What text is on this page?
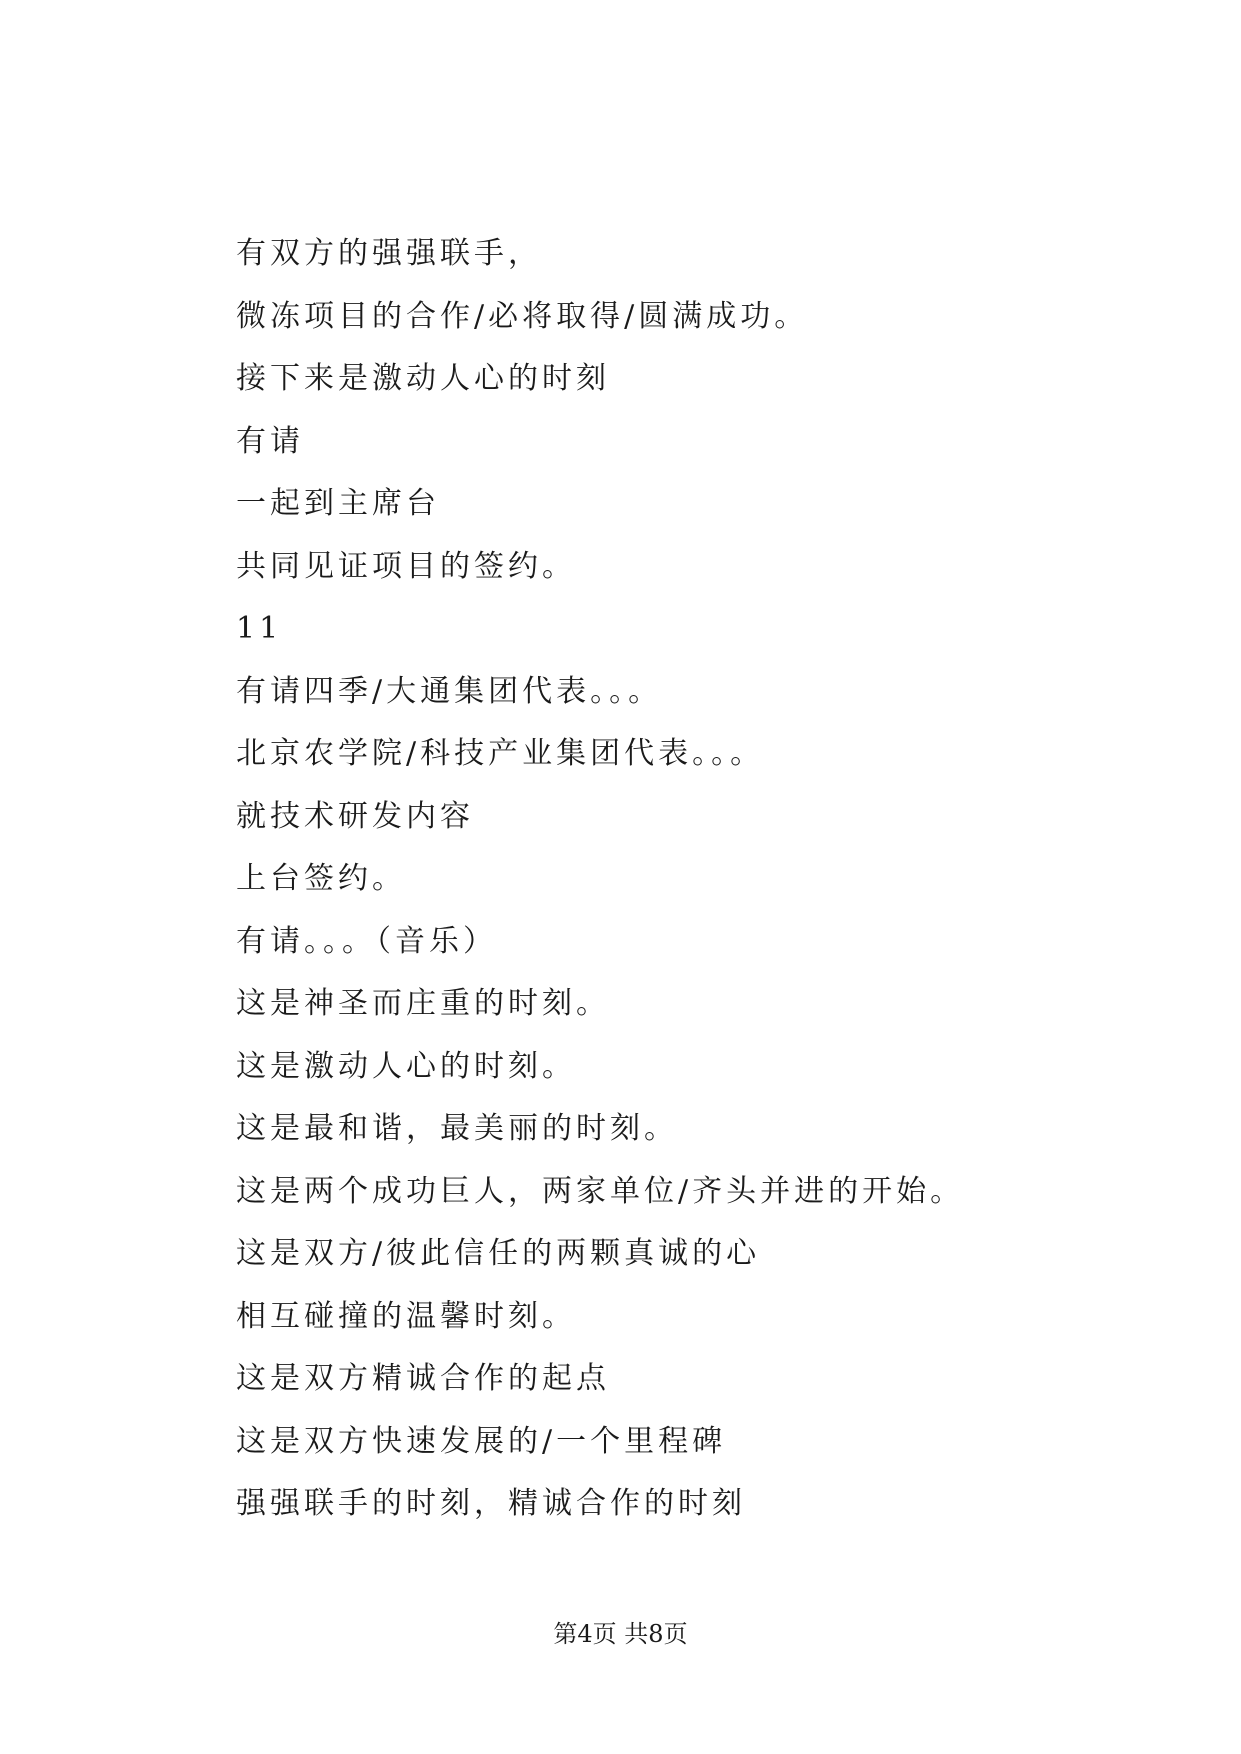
有双方的强强联手，
微冻项目的合作/必将取得/圆满成功。
接下来是激动人心的时刻
有请
一起到主席台
共同见证项目的签约。
11
有请四季/大通集团代表。。。
北京农学院/科技产业集团代表。。。
就技术研发内容
上台签约。
有请。。。（音乐）
这是神圣而庄重的时刻。
这是激动人心的时刻。
这是最和谐，最美丽的时刻。
这是两个成功巨人，两家单位/齐头并进的开始。
这是双方/彼此信任的两颗真诚的心
相互碰撞的温馨时刻。
这是双方精诚合作的起点
这是双方快速发展的/一个里程碑
强强联手的时刻，精诚合作的时刻
第4页 共8页
